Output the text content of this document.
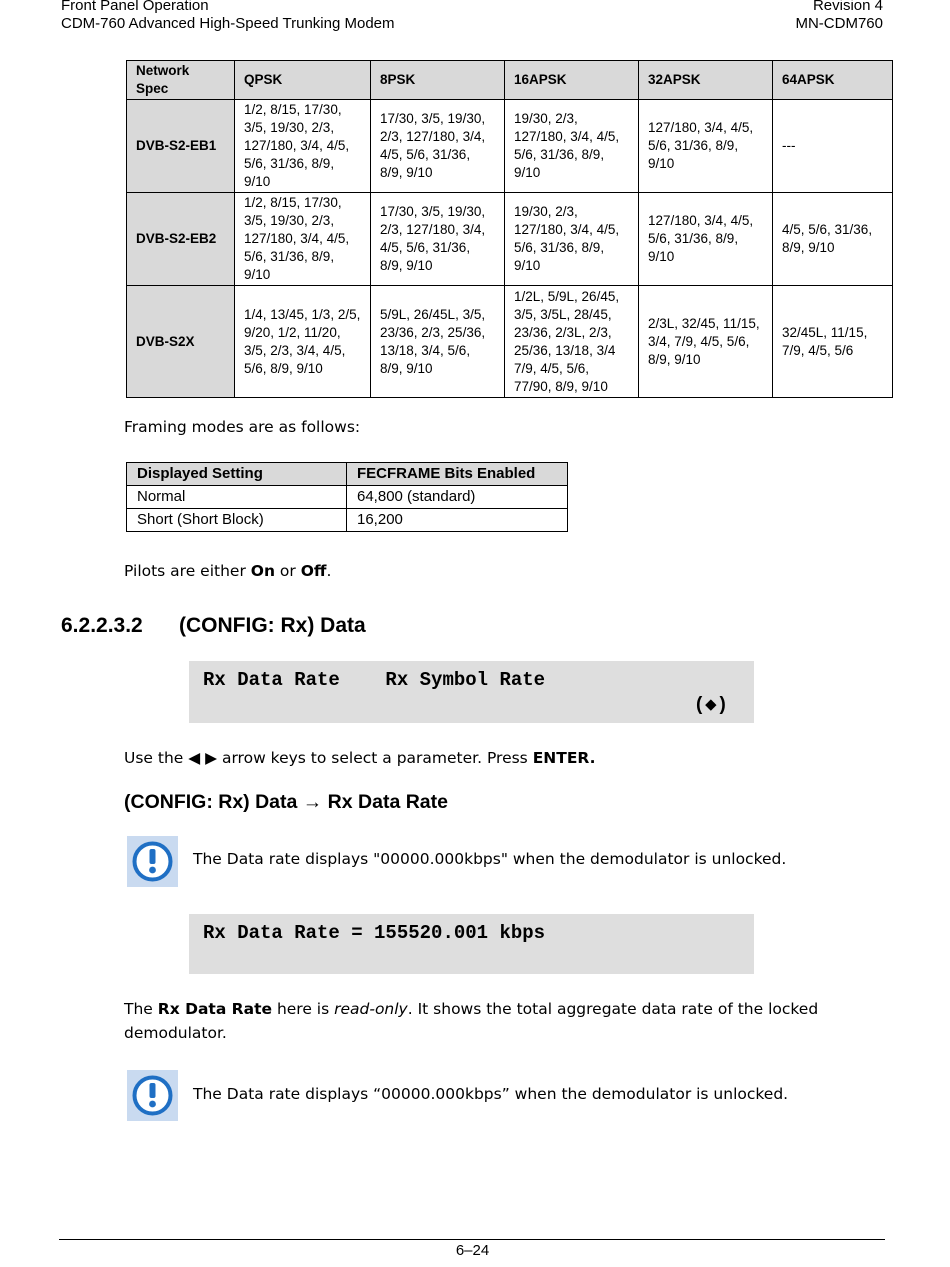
Front Panel Operation
CDM-760 Advanced High-Speed Trunking Modem
Revision 4
MN-CDM760
Network Spec	QPSK	8PSK	16APSK	32APSK	64APSK
DVB-S2-EB1	1/2, 8/15, 17/30, 3/5, 19/30, 2/3, 127/180, 3/4, 4/5, 5/6, 31/36, 8/9, 9/10	17/30, 3/5, 19/30, 2/3, 127/180, 3/4, 4/5, 5/6, 31/36, 8/9, 9/10	19/30, 2/3, 127/180, 3/4, 4/5, 5/6, 31/36, 8/9, 9/10	127/180, 3/4, 4/5, 5/6, 31/36, 8/9, 9/10	---
DVB-S2-EB2	1/2, 8/15, 17/30, 3/5, 19/30, 2/3, 127/180, 3/4, 4/5, 5/6, 31/36, 8/9, 9/10	17/30, 3/5, 19/30, 2/3, 127/180, 3/4, 4/5, 5/6, 31/36, 8/9, 9/10	19/30, 2/3, 127/180, 3/4, 4/5, 5/6, 31/36, 8/9, 9/10	127/180, 3/4, 4/5, 5/6, 31/36, 8/9, 9/10	4/5, 5/6, 31/36, 8/9, 9/10
DVB-S2X	1/4, 13/45, 1/3, 2/5, 9/20, 1/2, 11/20, 3/5, 2/3, 3/4, 4/5, 5/6, 8/9, 9/10	5/9L, 26/45L, 3/5, 23/36, 2/3, 25/36, 13/18, 3/4, 5/6, 8/9, 9/10	1/2L, 5/9L, 26/45, 3/5, 3/5L, 28/45, 23/36, 2/3L, 2/3, 25/36, 13/18, 3/4 7/9, 4/5, 5/6, 77/90, 8/9, 9/10	2/3L, 32/45, 11/15, 3/4, 7/9, 4/5, 5/6, 8/9, 9/10	32/45L, 11/15, 7/9, 4/5, 5/6
Framing modes are as follows:
Displayed Setting	FECFRAME Bits Enabled
Normal	64,800 (standard)
Short (Short Block)	16,200
Pilots are either On or Off.
6.2.2.3.2 (CONFIG: Rx) Data
Rx Data Rate    Rx Symbol Rate
(◆)
Use the ◀ ▶ arrow keys to select a parameter. Press ENTER.
(CONFIG: Rx) Data → Rx Data Rate
The Data rate displays "00000.000kbps" when the demodulator is unlocked.
Rx Data Rate = 155520.001 kbps
The Rx Data Rate here is read-only. It shows the total aggregate data rate of the locked demodulator.
The Data rate displays “00000.000kbps” when the demodulator is unlocked.
6–24
